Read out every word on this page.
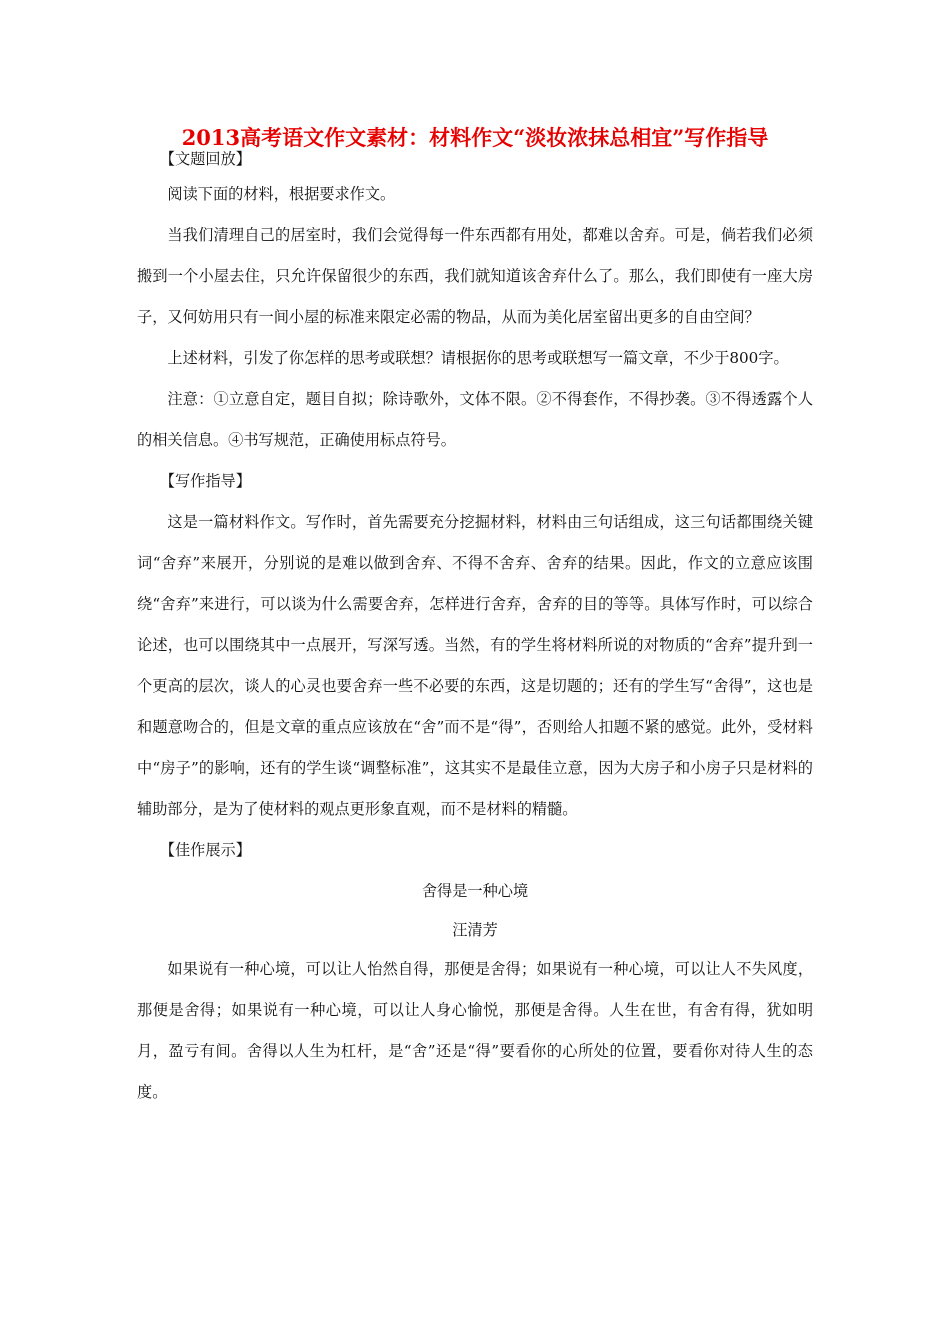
2013高考语文作文素材：材料作文“淡妆浓抹总相宜”写作指导

【文题回放】

阅读下面的材料，根据要求作文。

当我们清理自己的居室时，我们会觉得每一件东西都有用处，都难以舍弃。可是，倘若我们必须搬到一个小屋去住，只允许保留很少的东西，我们就知道该舍弃什么了。那么，我们即使有一座大房子，又何妨用只有一间小屋的标准来限定必需的物品，从而为美化居室留出更多的自由空间？

上述材料，引发了你怎样的思考或联想？请根据你的思考或联想写一篇文章，不少于800字。

注意：①立意自定，题目自拟；除诗歌外，文体不限。②不得套作，不得抄袭。③不得透露个人的相关信息。④书写规范，正确使用标点符号。

【写作指导】

这是一篇材料作文。写作时，首先需要充分挖掘材料，材料由三句话组成，这三句话都围绕关键词“舍弃”来展开，分别说的是难以做到舍弃、不得不舍弃、舍弃的结果。因此，作文的立意应该围绕“舍弃”来进行，可以谈为什么需要舍弃，怎样进行舍弃，舍弃的目的等等。具体写作时，可以综合论述，也可以围绕其中一点展开，写深写透。当然，有的学生将材料所说的对物质的“舍弃”提升到一个更高的层次，谈人的心灵也要舍弃一些不必要的东西，这是切题的；还有的学生写“舍得”，这也是和题意吻合的，但是文章的重点应该放在“舍”而不是“得”，否则给人扣题不紧的感觉。此外，受材料中“房子”的影响，还有的学生谈“调整标准”，这其实不是最佳立意，因为大房子和小房子只是材料的辅助部分，是为了使材料的观点更形象直观，而不是材料的精髓。

【佳作展示】

舍得是一种心境

汪清芳

如果说有一种心境，可以让人怡然自得，那便是舍得；如果说有一种心境，可以让人不失风度，那便是舍得；如果说有一种心境，可以让人身心愉悦，那便是舍得。人生在世，有舍有得，犹如明月，盈亏有间。舍得以人生为杠杆，是“舍”还是“得”要看你的心所处的位置，要看你对待人生的态度。
